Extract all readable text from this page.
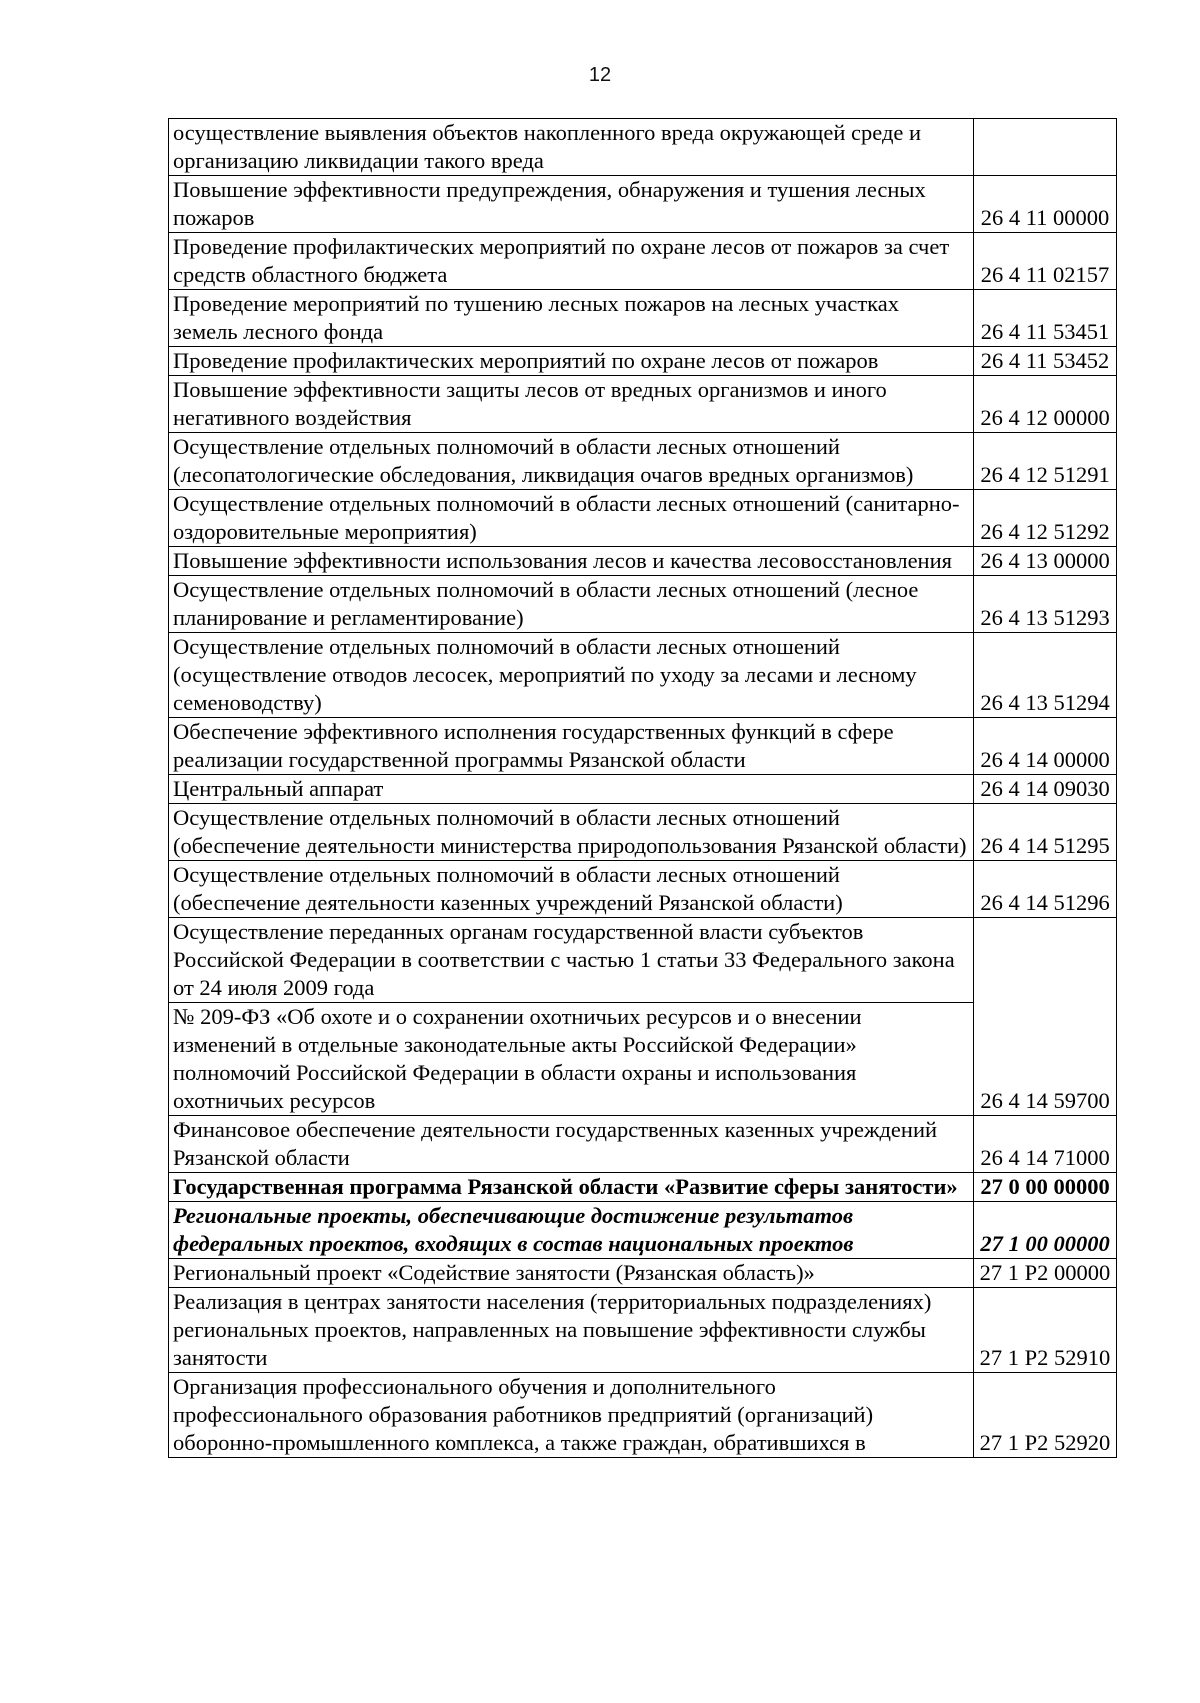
12
осуществление выявления объектов накопленного вреда окружающей среде и организацию ликвидации такого вреда	
Повышение эффективности предупреждения, обнаружения и тушения лесных пожаров	26 4 11 00000
Проведение профилактических мероприятий по охране лесов от пожаров за счет средств областного бюджета	26 4 11 02157
Проведение мероприятий по тушению лесных пожаров на лесных участках земель лесного фонда	26 4 11 53451
Проведение профилактических мероприятий по охране лесов от пожаров	26 4 11 53452
Повышение эффективности защиты лесов от вредных организмов и иного негативного воздействия	26 4 12 00000
Осуществление отдельных полномочий в области лесных отношений (лесопатологические обследования, ликвидация очагов вредных организмов)	26 4 12 51291
Осуществление отдельных полномочий в области лесных отношений (санитарно-оздоровительные мероприятия)	26 4 12 51292
Повышение эффективности использования лесов и качества лесовосстановления	26 4 13 00000
Осуществление отдельных полномочий в области лесных отношений (лесное планирование и регламентирование)	26 4 13 51293
Осуществление отдельных полномочий в области лесных отношений (осуществление отводов лесосек, мероприятий по уходу за лесами и лесному семеноводству)	26 4 13 51294
Обеспечение эффективного исполнения государственных функций в сфере реализации государственной программы Рязанской области	26 4 14 00000
Центральный аппарат	26 4 14 09030
Осуществление отдельных полномочий в области лесных отношений (обеспечение деятельности министерства природопользования Рязанской области)	26 4 14 51295
Осуществление отдельных полномочий в области лесных отношений (обеспечение деятельности казенных учреждений Рязанской области)	26 4 14 51296
Осуществление переданных органам государственной власти субъектов Российской Федерации в соответствии с частью 1 статьи 33 Федерального закона от 24 июля 2009 года	26 4 14 59700
№ 209-ФЗ «Об охоте и о сохранении охотничьих ресурсов и о внесении изменений в отдельные законодательные акты Российской Федерации» полномочий Российской Федерации в области охраны и использования охотничьих ресурсов	
Финансовое обеспечение деятельности государственных казенных учреждений Рязанской области	26 4 14 71000
Государственная программа Рязанской области «Развитие сферы занятости»	27 0 00 00000
Региональные проекты, обеспечивающие достижение результатов федеральных проектов, входящих в состав национальных проектов	27 1 00 00000
Региональный проект «Содействие занятости (Рязанская область)»	27 1 P2 00000
Реализация в центрах занятости населения (территориальных подразделениях) региональных проектов, направленных на повышение эффективности службы занятости	27 1 P2 52910
Организация профессионального обучения и дополнительного профессионального образования работников предприятий (организаций) оборонно-промышленного комплекса, а также граждан, обратившихся в	27 1 P2 52920
